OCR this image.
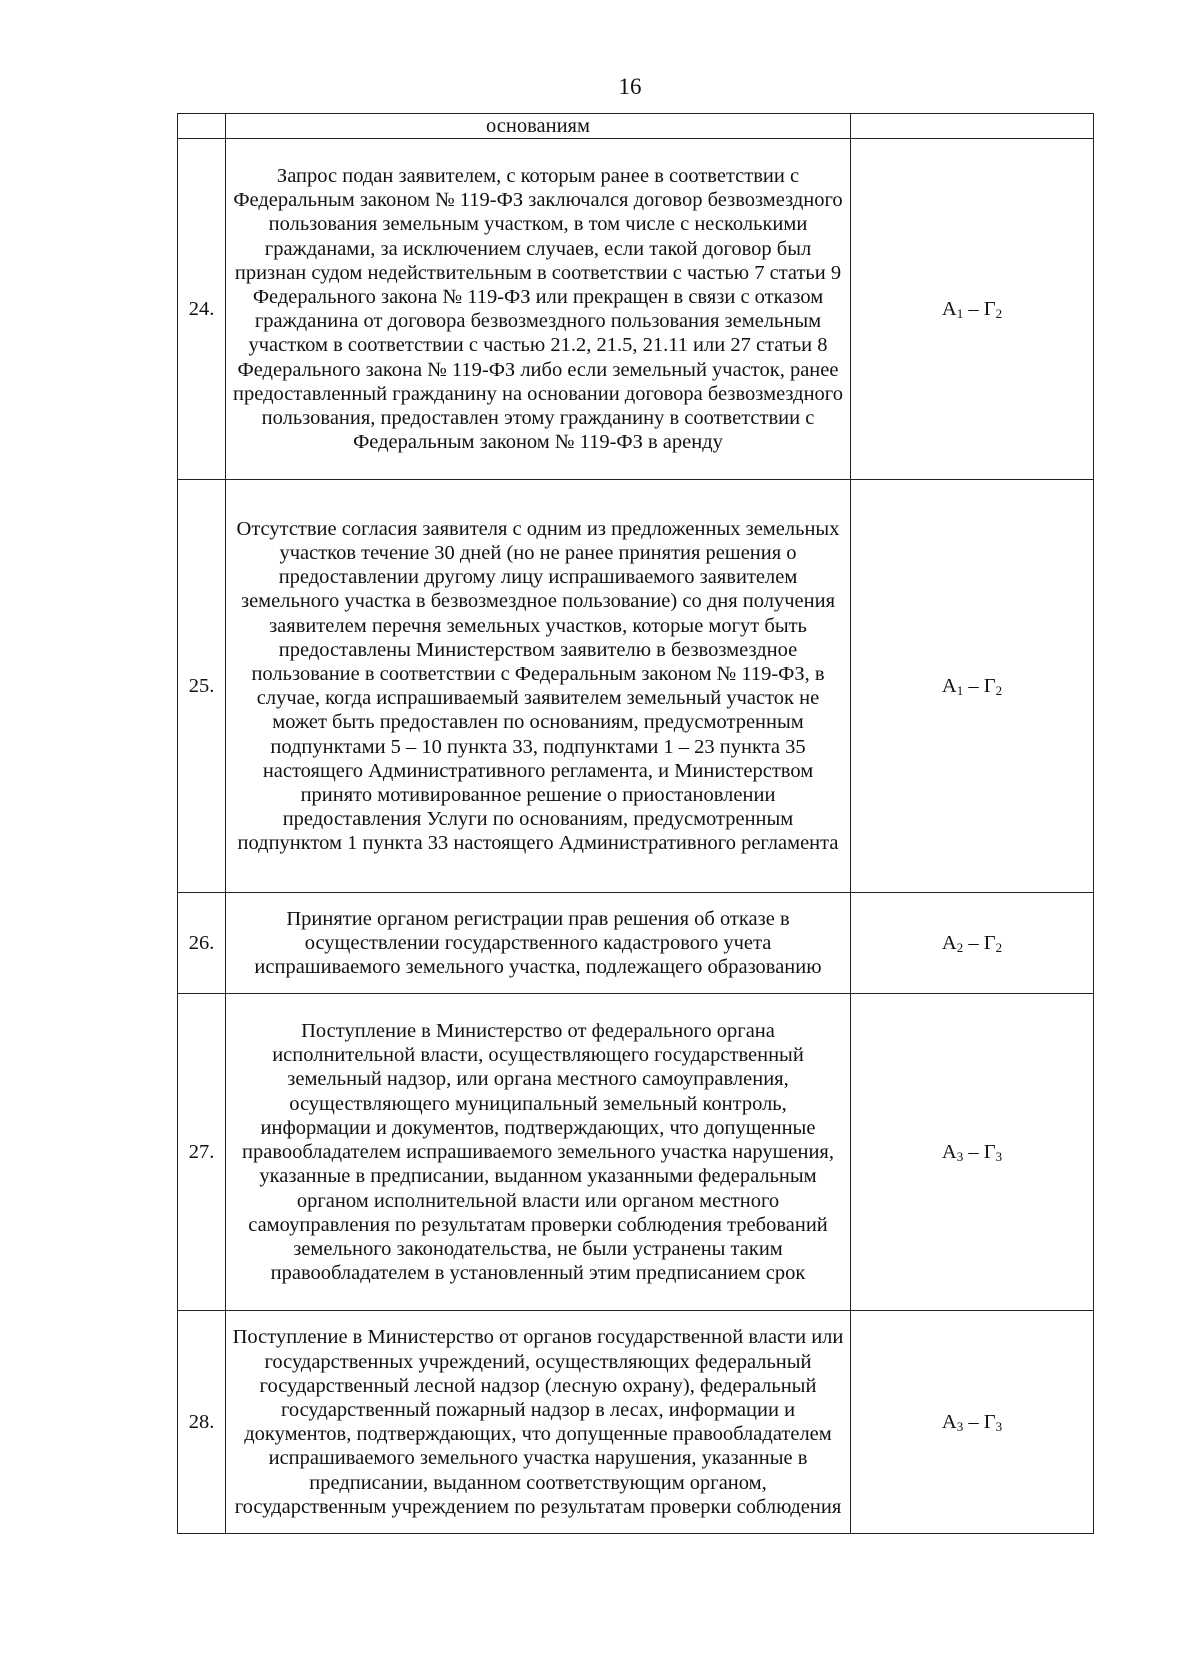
16
	основаниям	
24.	Запрос подан заявителем, с которым ранее в соответствии с Федеральным законом № 119-ФЗ заключался договор безвозмездного пользования земельным участком, в том числе с несколькими гражданами, за исключением случаев, если такой договор был признан судом недействительным в соответствии с частью 7 статьи 9 Федерального закона № 119-ФЗ или прекращен в связи с отказом гражданина от договора безвозмездного пользования земельным участком в соответствии с частью 21.2, 21.5, 21.11 или 27 статьи 8 Федерального закона № 119-ФЗ либо если земельный участок, ранее предоставленный гражданину на основании договора безвозмездного пользования, предоставлен этому гражданину в соответствии с Федеральным законом № 119-ФЗ в аренду	$А_1 - Г_2$
25.	Отсутствие согласия заявителя с одним из предложенных земельных участков течение 30 дней (но не ранее принятия решения о предоставлении другому лицу испрашиваемого заявителем земельного участка в безвозмездное пользование) со дня получения заявителем перечня земельных участков, которые могут быть предоставлены Министерством заявителю в безвозмездное пользование в соответствии с Федеральным законом № 119-ФЗ, в случае, когда испрашиваемый заявителем земельный участок не может быть предоставлен по основаниям, предусмотренным подпунктами 5 – 10 пункта 33, подпунктами 1 – 23 пункта 35 настоящего Административного регламента, и Министерством принято мотивированное решение о приостановлении предоставления Услуги по основаниям, предусмотренным подпунктом 1 пункта 33 настоящего Административного регламента	$А_1 - Г_2$
26.	Принятие органом регистрации прав решения об отказе в осуществлении государственного кадастрового учета испрашиваемого земельного участка, подлежащего образованию	$А_2 - Г_2$
27.	Поступление в Министерство от федерального органа исполнительной власти, осуществляющего государственный земельный надзор, или органа местного самоуправления, осуществляющего муниципальный земельный контроль, информации и документов, подтверждающих, что допущенные правообладателем испрашиваемого земельного участка нарушения, указанные в предписании, выданном указанными федеральным органом исполнительной власти или органом местного самоуправления по результатам проверки соблюдения требований земельного законодательства, не были устранены таким правообладателем в установленный этим предписанием срок	$А_3 - Г_3$
28.	Поступление в Министерство от органов государственной власти или государственных учреждений, осуществляющих федеральный государственный лесной надзор (лесную охрану), федеральный государственный пожарный надзор в лесах, информации и документов, подтверждающих, что допущенные правообладателем испрашиваемого земельного участка нарушения, указанные в предписании, выданном соответствующим органом, государственным учреждением по результатам проверки соблюдения	$А_3 - Г_3$
